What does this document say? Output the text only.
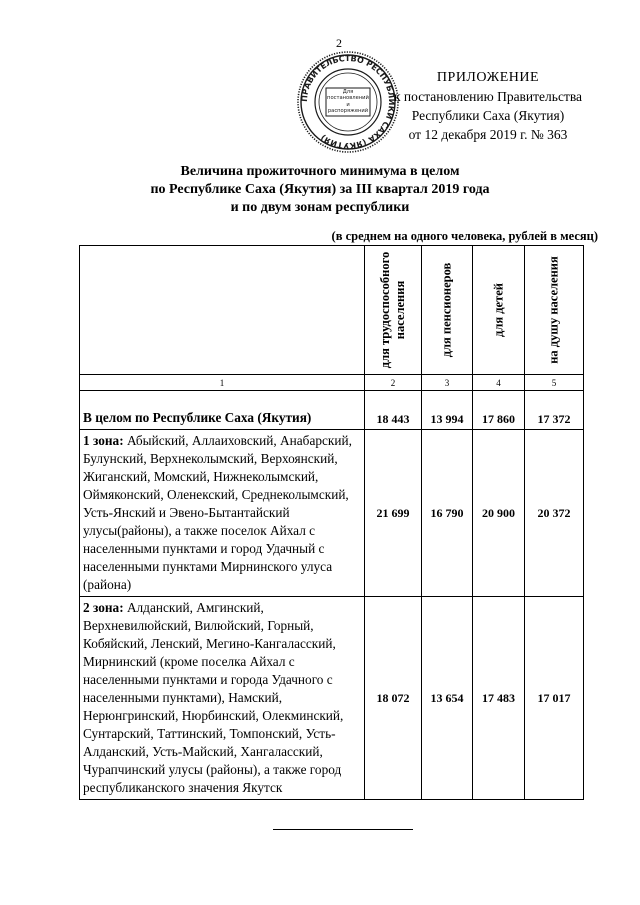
2
ПРАВИТЕЛЬСТВО РЕСПУБЛИКИ САХА (ЯКУТИЯ)
Для постановлений и распоряжений
ПРИЛОЖЕНИЕ
к постановлению Правительства
Республики Саха (Якутия)
от 12 декабря 2019 г. № 363
Величина прожиточного минимума в целом
по Республике Саха (Якутия) за III квартал 2019 года
и по двум зонам республики
(в среднем на одного человека, рублей в месяц)

	для трудоспособного населения	для пенсионеров	для детей	на душу населения

1	2	3	4	5
В целом по Республике Саха (Якутия)	18 443	13 994	17 860	17 372
1 зона: Абыйский, Аллаиховский, Анабарский, Булунский, Верхнеколымский, Верхоянский, Жиганский, Момский, Нижнеколымский, Оймяконский, Оленекский, Среднеколымский, Усть-Янский и Эвено-Бытантайский улусы(районы), а также поселок Айхал с населенными пунктами и город Удачный с населенными пунктами Мирнинского улуса (района)	21 699	16 790	20 900	20 372
2 зона: Алданский, Амгинский, Верхневилюйский, Вилюйский, Горный, Кобяйский, Ленский, Мегино-Кангаласский, Мирнинский (кроме поселка Айхал с населенными пунктами и города Удачного с населенными пунктами), Намский, Нерюнгринский, Нюрбинский, Олекминский, Сунтарский, Таттинский, Томпонский, Усть-Алданский, Усть-Майский, Хангаласский, Чурапчинский улусы (районы), а также город республиканского значения Якутск	18 072	13 654	17 483	17 017
